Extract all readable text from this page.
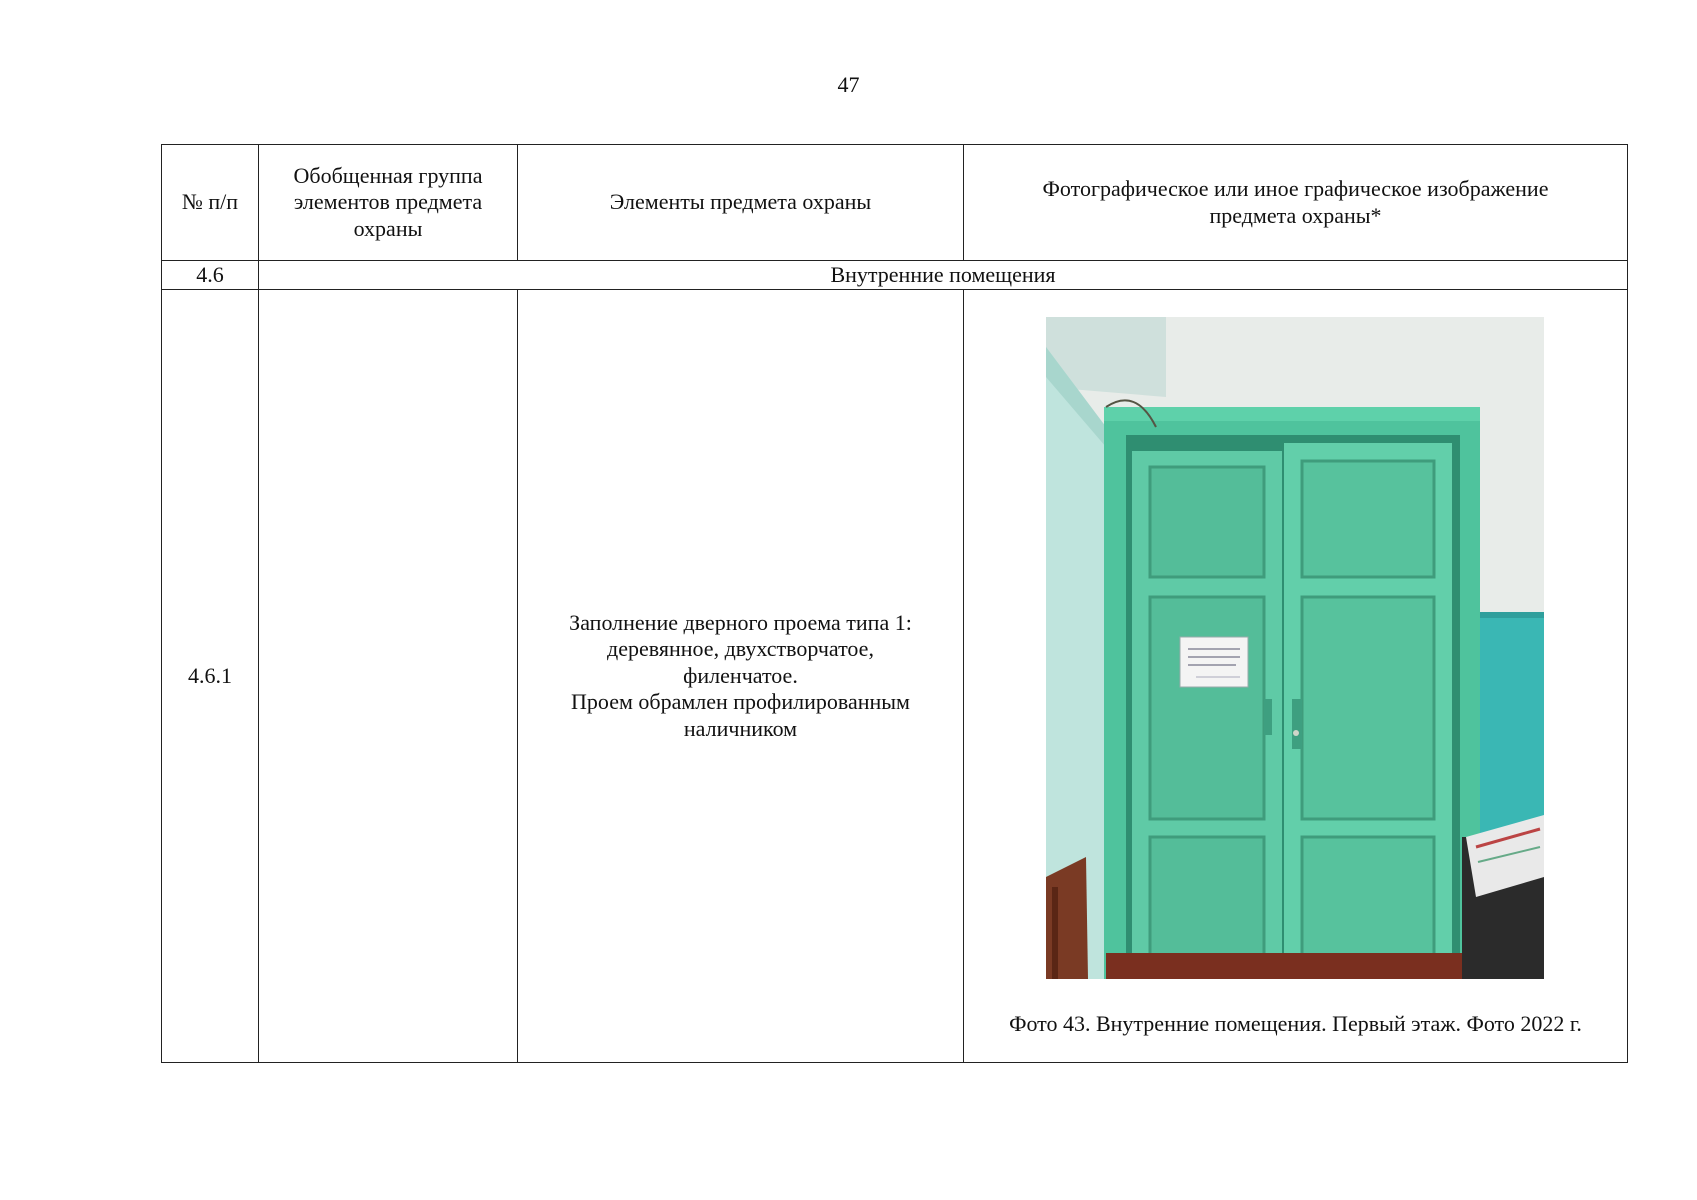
47
№ п/п	Обобщенная группа элементов предмета охраны	Элементы предмета охраны	Фотографическое или иное графическое изображение предмета охраны*
4.6	Внутренние помещения		
4.6.1		Заполнение дверного проема типа 1:
деревянное, двухстворчатое,
филенчатое.
Проем обрамлен профилированным
наличником	Фото 43. Внутренние помещения. Первый этаж. Фото 2022 г.
